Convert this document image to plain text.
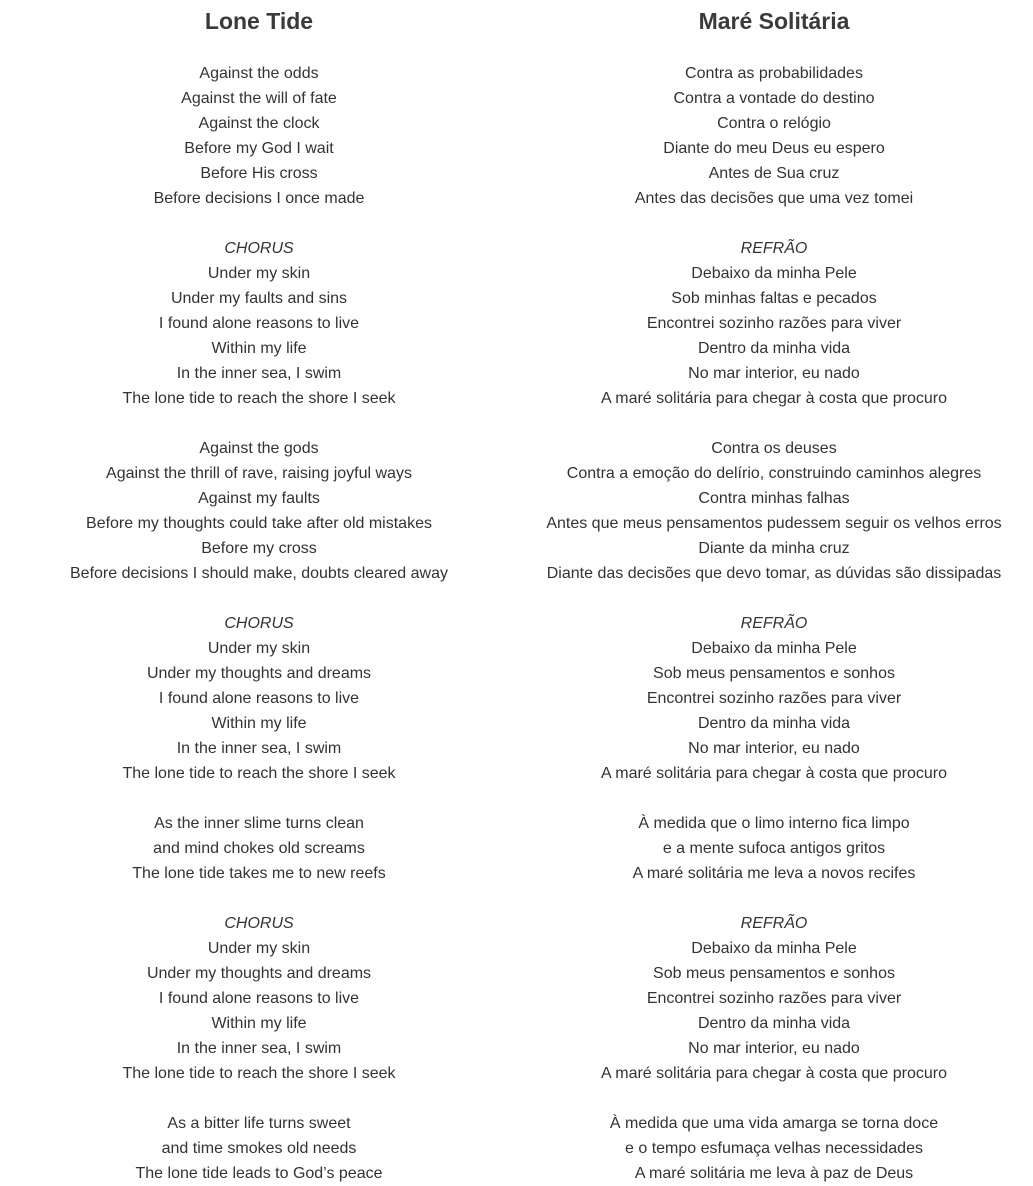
Lone Tide
Against the odds
Against the will of fate
Against the clock
Before my God I wait
Before His cross
Before decisions I once made
CHORUS
Under my skin
Under my faults and sins
I found alone reasons to live
Within my life
In the inner sea, I swim
The lone tide to reach the shore I seek
Against the gods
Against the thrill of rave, raising joyful ways
Against my faults
Before my thoughts could take after old mistakes
Before my cross
Before decisions I should make, doubts cleared away
CHORUS
Under my skin
Under my thoughts and dreams
I found alone reasons to live
Within my life
In the inner sea, I swim
The lone tide to reach the shore I seek
As the inner slime turns clean
and mind chokes old screams
The lone tide takes me to new reefs
CHORUS
Under my skin
Under my thoughts and dreams
I found alone reasons to live
Within my life
In the inner sea, I swim
The lone tide to reach the shore I seek
As a bitter life turns sweet
and time smokes old needs
The lone tide leads to God’s peace
Maré Solitária
Contra as probabilidades
Contra a vontade do destino
Contra o relógio
Diante do meu Deus eu espero
Antes de Sua cruz
Antes das decisões que uma vez tomei
REFRÃO
Debaixo da minha Pele
Sob minhas faltas e pecados
Encontrei sozinho razões para viver
Dentro da minha vida
No mar interior, eu nado
A maré solitária para chegar à costa que procuro
Contra os deuses
Contra a emoção do delírio, construindo caminhos alegres
Contra minhas falhas
Antes que meus pensamentos pudessem seguir os velhos erros
Diante da minha cruz
Diante das decisões que devo tomar, as dúvidas são dissipadas
REFRÃO
Debaixo da minha Pele
Sob meus pensamentos e sonhos
Encontrei sozinho razões para viver
Dentro da minha vida
No mar interior, eu nado
A maré solitária para chegar à costa que procuro
À medida que o limo interno fica limpo
e a mente sufoca antigos gritos
A maré solitária me leva a novos recifes
REFRÃO
Debaixo da minha Pele
Sob meus pensamentos e sonhos
Encontrei sozinho razões para viver
Dentro da minha vida
No mar interior, eu nado
A maré solitária para chegar à costa que procuro
À medida que uma vida amarga se torna doce
e o tempo esfumaça velhas necessidades
A maré solitária me leva à paz de Deus
